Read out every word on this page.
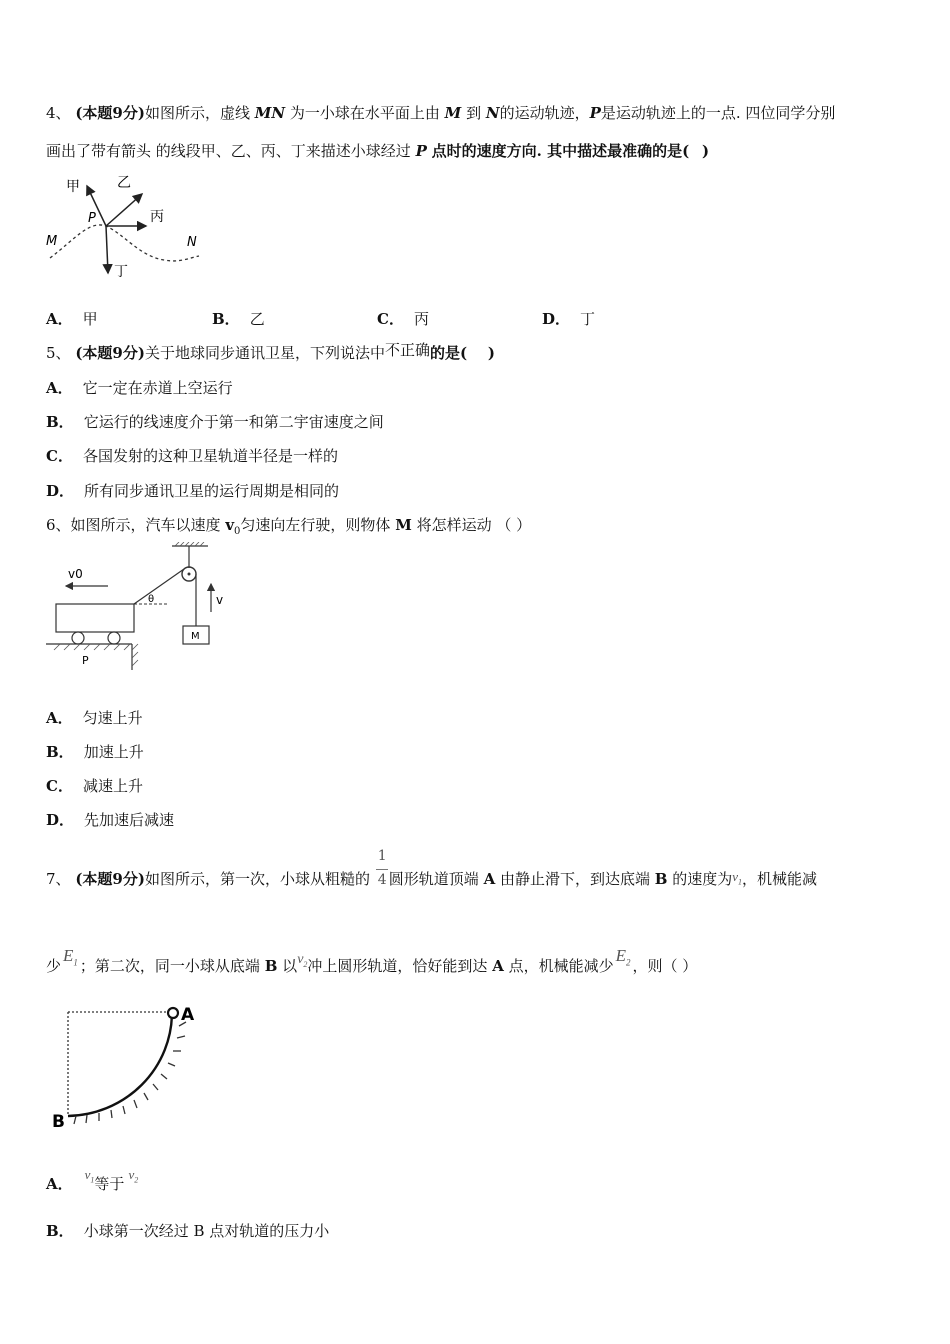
4、 (本题9分)如图所示，虚线 MN 为一小球在水平面上由 M 到 N的运动轨迹，P是运动轨迹上的一点. 四位同学分别
画出了带有箭头 的线段甲、乙、丙、丁来描述小球经过 P 点时的速度方向. 其中描述最准确的是( )
甲	乙
丙
丁
P
M	N
A． 甲	B． 乙	C． 丙	D． 丁
5、 (本题9分)关于地球同步通讯卫星，下列说法中不正确的是( )
A． 它一定在赤道上空运行
B． 它运行的线速度介于第一和第二宇宙速度之间
C． 各国发射的这种卫星轨道半径是一样的
D． 所有同步通讯卫星的运行周期是相同的
6、如图所示，汽车以速度 $v_0$匀速向左行驶，则物体 M 将怎样运动 （ ）
M
v
θ
v0
P
A． 匀速上升
B． 加速上升
C． 减速上升
D． 先加速后减速
7、 (本题9分)如图所示，第一次，小球从粗糙的 $\frac{1}{4}$ 圆形轨道顶端 A 由静止滑下，到达底端 B 的速度为$v_1$，机械能减
少$E_1$ ；第二次，同一小球从底端 B 以$v_2$冲上圆形轨道，恰好能到达 A 点，机械能减少$E_2$ ，则（ ）
A
B
A．$v_1$等于$v_2$
B． 小球第一次经过 B 点对轨道的压力小
